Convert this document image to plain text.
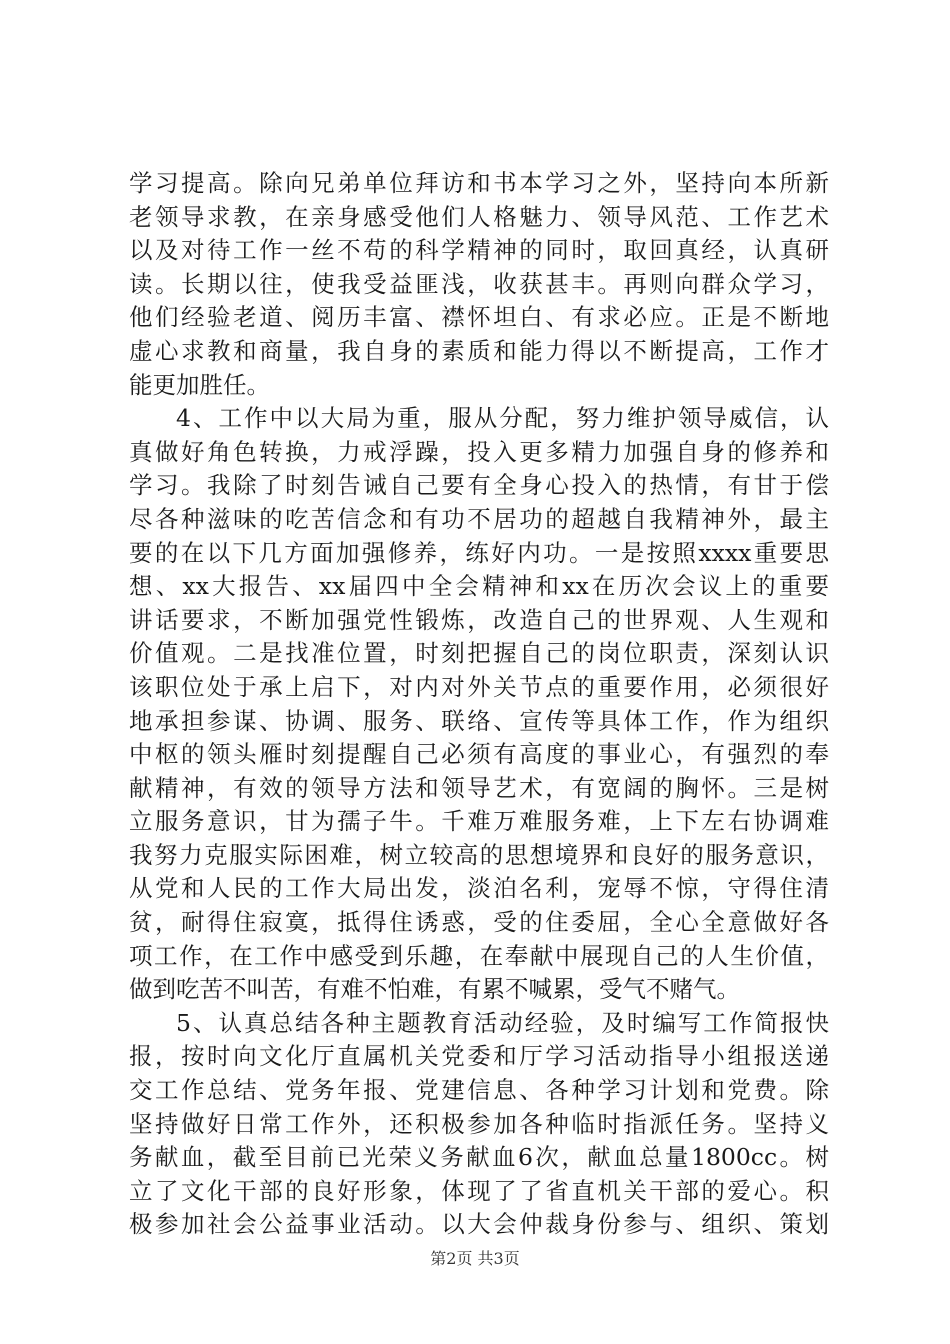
学习提高。除向兄弟单位拜访和书本学习之外，坚持向本所新
老领导求教，在亲身感受他们人格魅力、领导风范、工作艺术
以及对待工作一丝不苟的科学精神的同时，取回真经，认真研
读。长期以往，使我受益匪浅，收获甚丰。再则向群众学习，
他们经验老道、阅历丰富、襟怀坦白、有求必应。正是不断地
虚心求教和商量，我自身的素质和能力得以不断提高，工作才
能更加胜任。
4、工作中以大局为重，服从分配，努力维护领导威信，认
真做好角色转换，力戒浮躁，投入更多精力加强自身的修养和
学习。我除了时刻告诫自己要有全身心投入的热情，有甘于偿
尽各种滋味的吃苦信念和有功不居功的超越自我精神外，最主
要的在以下几方面加强修养，练好内功。一是按照xxxx重要思
想、xx大报告、xx届四中全会精神和xx在历次会议上的重要
讲话要求，不断加强党性锻炼，改造自己的世界观、人生观和
价值观。二是找准位置，时刻把握自己的岗位职责，深刻认识
该职位处于承上启下，对内对外关节点的重要作用，必须很好
地承担参谋、协调、服务、联络、宣传等具体工作，作为组织
中枢的领头雁时刻提醒自己必须有高度的事业心，有强烈的奉
献精神，有效的领导方法和领导艺术，有宽阔的胸怀。三是树
立服务意识，甘为孺子牛。千难万难服务难，上下左右协调难
我努力克服实际困难，树立较高的思想境界和良好的服务意识，
从党和人民的工作大局出发，淡泊名利，宠辱不惊，守得住清
贫，耐得住寂寞，抵得住诱惑，受的住委屈，全心全意做好各
项工作，在工作中感受到乐趣，在奉献中展现自己的人生价值，
做到吃苦不叫苦，有难不怕难，有累不喊累，受气不赌气。
5、认真总结各种主题教育活动经验，及时编写工作简报快
报，按时向文化厅直属机关党委和厅学习活动指导小组报送递
交工作总结、党务年报、党建信息、各种学习计划和党费。除
坚持做好日常工作外，还积极参加各种临时指派任务。坚持义
务献血，截至目前已光荣义务献血6次，献血总量1800cc。树
立了文化干部的良好形象，体现了了省直机关干部的爱心。积
极参加社会公益事业活动。以大会仲裁身份参与、组织、策划
第2页 共3页
